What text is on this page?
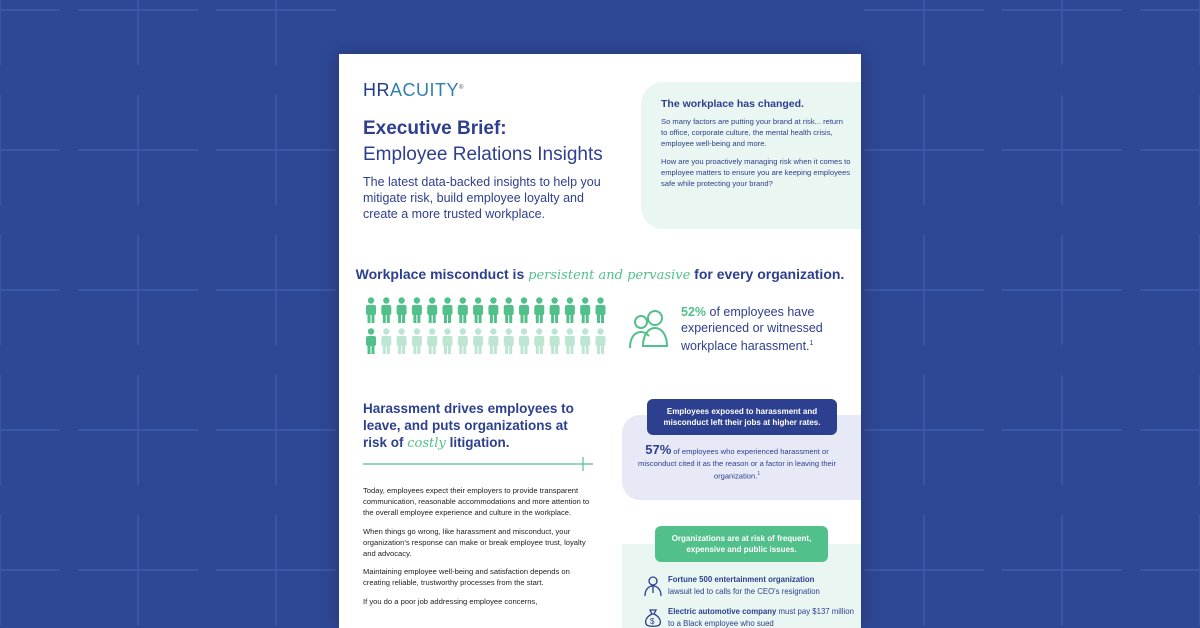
HRACUITY®
Executive Brief:
Employee Relations Insights
The latest data-backed insights to help you mitigate risk, build employee loyalty and create a more trusted workplace.
The workplace has changed.

So many factors are putting your brand at risk... return to office, corporate culture, the mental health crisis, employee well-being and more.

How are you proactively managing risk when it comes to employee matters to ensure you are keeping employees safe while protecting your brand?

Workplace misconduct is persistent and pervasive for every organization.
52% of employees have experienced or witnessed workplace harassment.$^1$
Harassment drives employees to leave, and puts organizations at risk of costly litigation.

Today, employees expect their employers to provide transparent communication, reasonable accommodations and more attention to the overall employee experience and culture in the workplace.

When things go wrong, like harassment and misconduct, your organization's response can make or break employee trust, loyalty and advocacy.

Maintaining employee well-being and satisfaction depends on creating reliable, trustworthy processes from the start.

If you do a poor job addressing employee concerns,

Employees exposed to harassment and misconduct left their jobs at higher rates.
57% of employees who experienced harassment or misconduct cited it as the reason or a factor in leaving their organization.$^1$
Organizations are at risk of frequent, expensive and public issues.
Fortune 500 entertainment organization
lawsuit led to calls for the CEO's resignation
$
Electric automotive company must pay $137 million to a Black employee who sued
